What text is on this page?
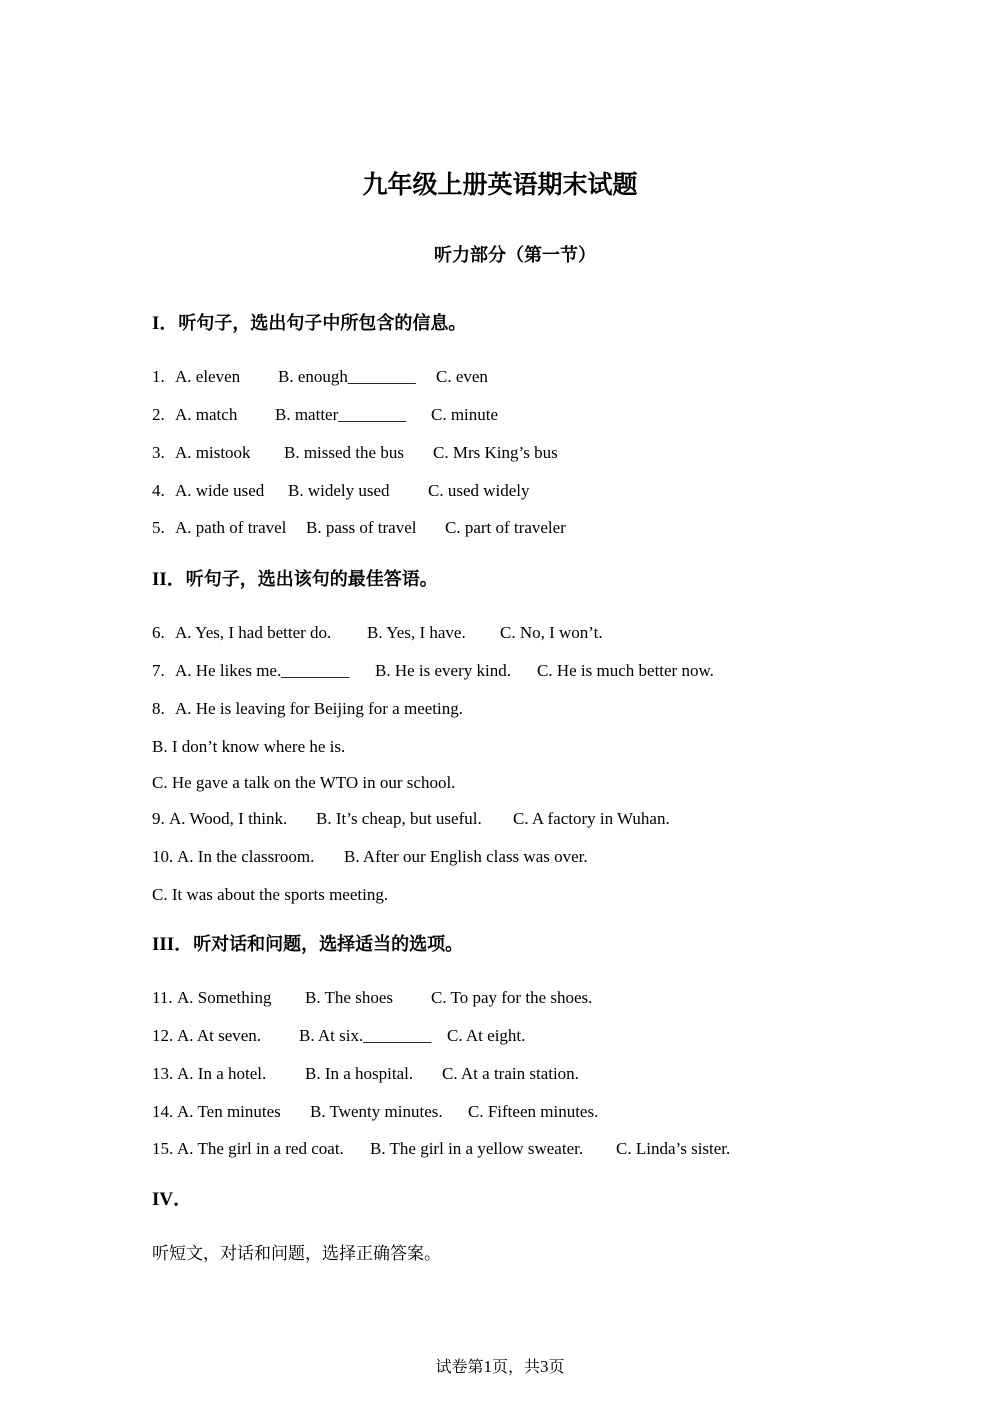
九年级上册英语期末试题
听力部分（第一节）
I．听句子，选出句子中所包含的信息。
1. A. eleven B. enough________ C. even
2. A. match B. matter________ C. minute
3. A. mistook B. missed the bus C. Mrs King’s bus
4. A. wide used B. widely used C. used widely
5. A. path of travel B. pass of travel C. part of traveler
II．听句子，选出该句的最佳答语。
6. A. Yes, I had better do. B. Yes, I have. C. No, I won’t.
7. A. He likes me.________ B. He is every kind. C. He is much better now.
8. A. He is leaving for Beijing for a meeting.
B. I don’t know where he is.
C. He gave a talk on the WTO in our school.
9. A. Wood, I think. B. It’s cheap, but useful. C. A factory in Wuhan.
10. A. In the classroom. B. After our English class was over.
C. It was about the sports meeting.
III．听对话和问题，选择适当的选项。
11. A. Something B. The shoes C. To pay for the shoes.
12. A. At seven. B. At six.________ C. At eight.
13. A. In a hotel. B. In a hospital. C. At a train station.
14. A. Ten minutes B. Twenty minutes. C. Fifteen minutes.
15. A. The girl in a red coat. B. The girl in a yellow sweater. C. Linda’s sister.
IV．
听短文，对话和问题，选择正确答案。
试卷第1页，共3页
